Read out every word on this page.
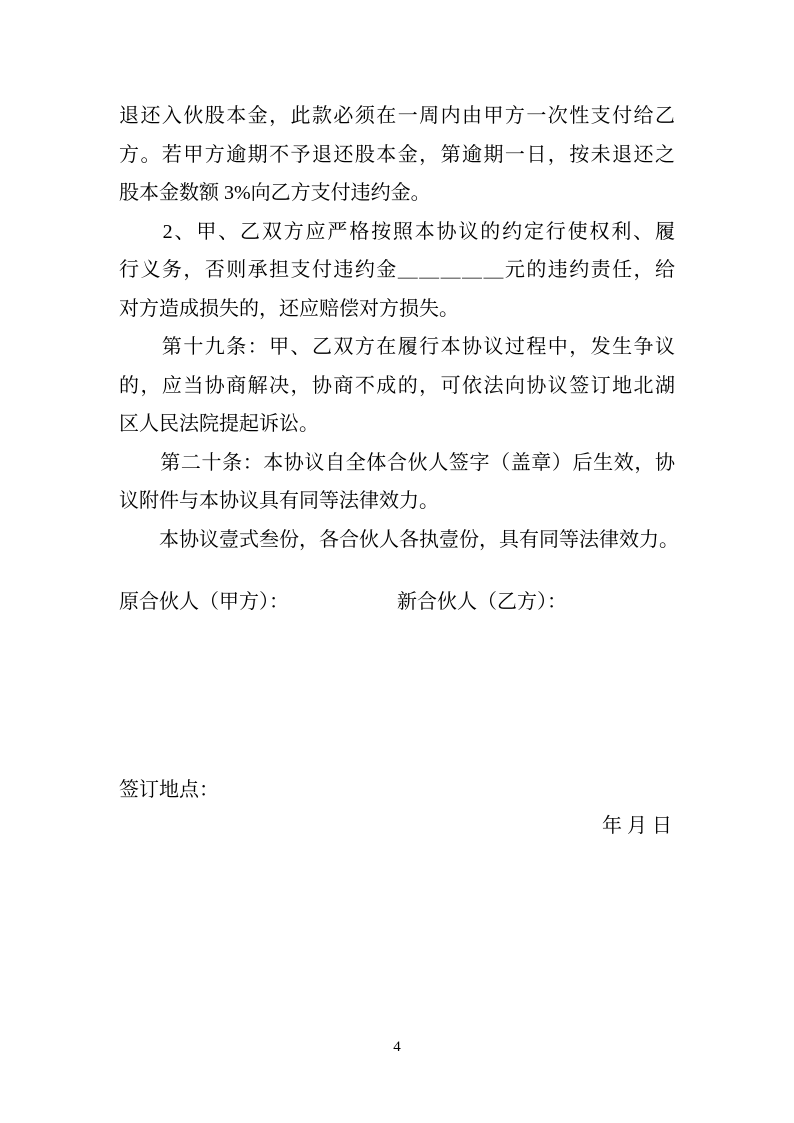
退还入伙股本金，此款必须在一周内由甲方一次性支付给乙

方。若甲方逾期不予退还股本金，第逾期一日，按未退还之

股本金数额 3%向乙方支付违约金。

　　2、甲、乙双方应严格按照本协议的约定行使权利、履

行义务，否则承担支付违约金＿＿＿＿＿元的违约责任，给

对方造成损失的，还应赔偿对方损失。

　　第十九条：甲、乙双方在履行本协议过程中，发生争议

的，应当协商解决，协商不成的，可依法向协议签订地北湖

区人民法院提起诉讼。

　　第二十条：本协议自全体合伙人签字（盖章）后生效，协

议附件与本协议具有同等法律效力。

　　本协议壹式叁份，各合伙人各执壹份，具有同等法律效力。

原合伙人（甲方）：	新合伙人（乙方）：
签订地点：
年 月 日
4
